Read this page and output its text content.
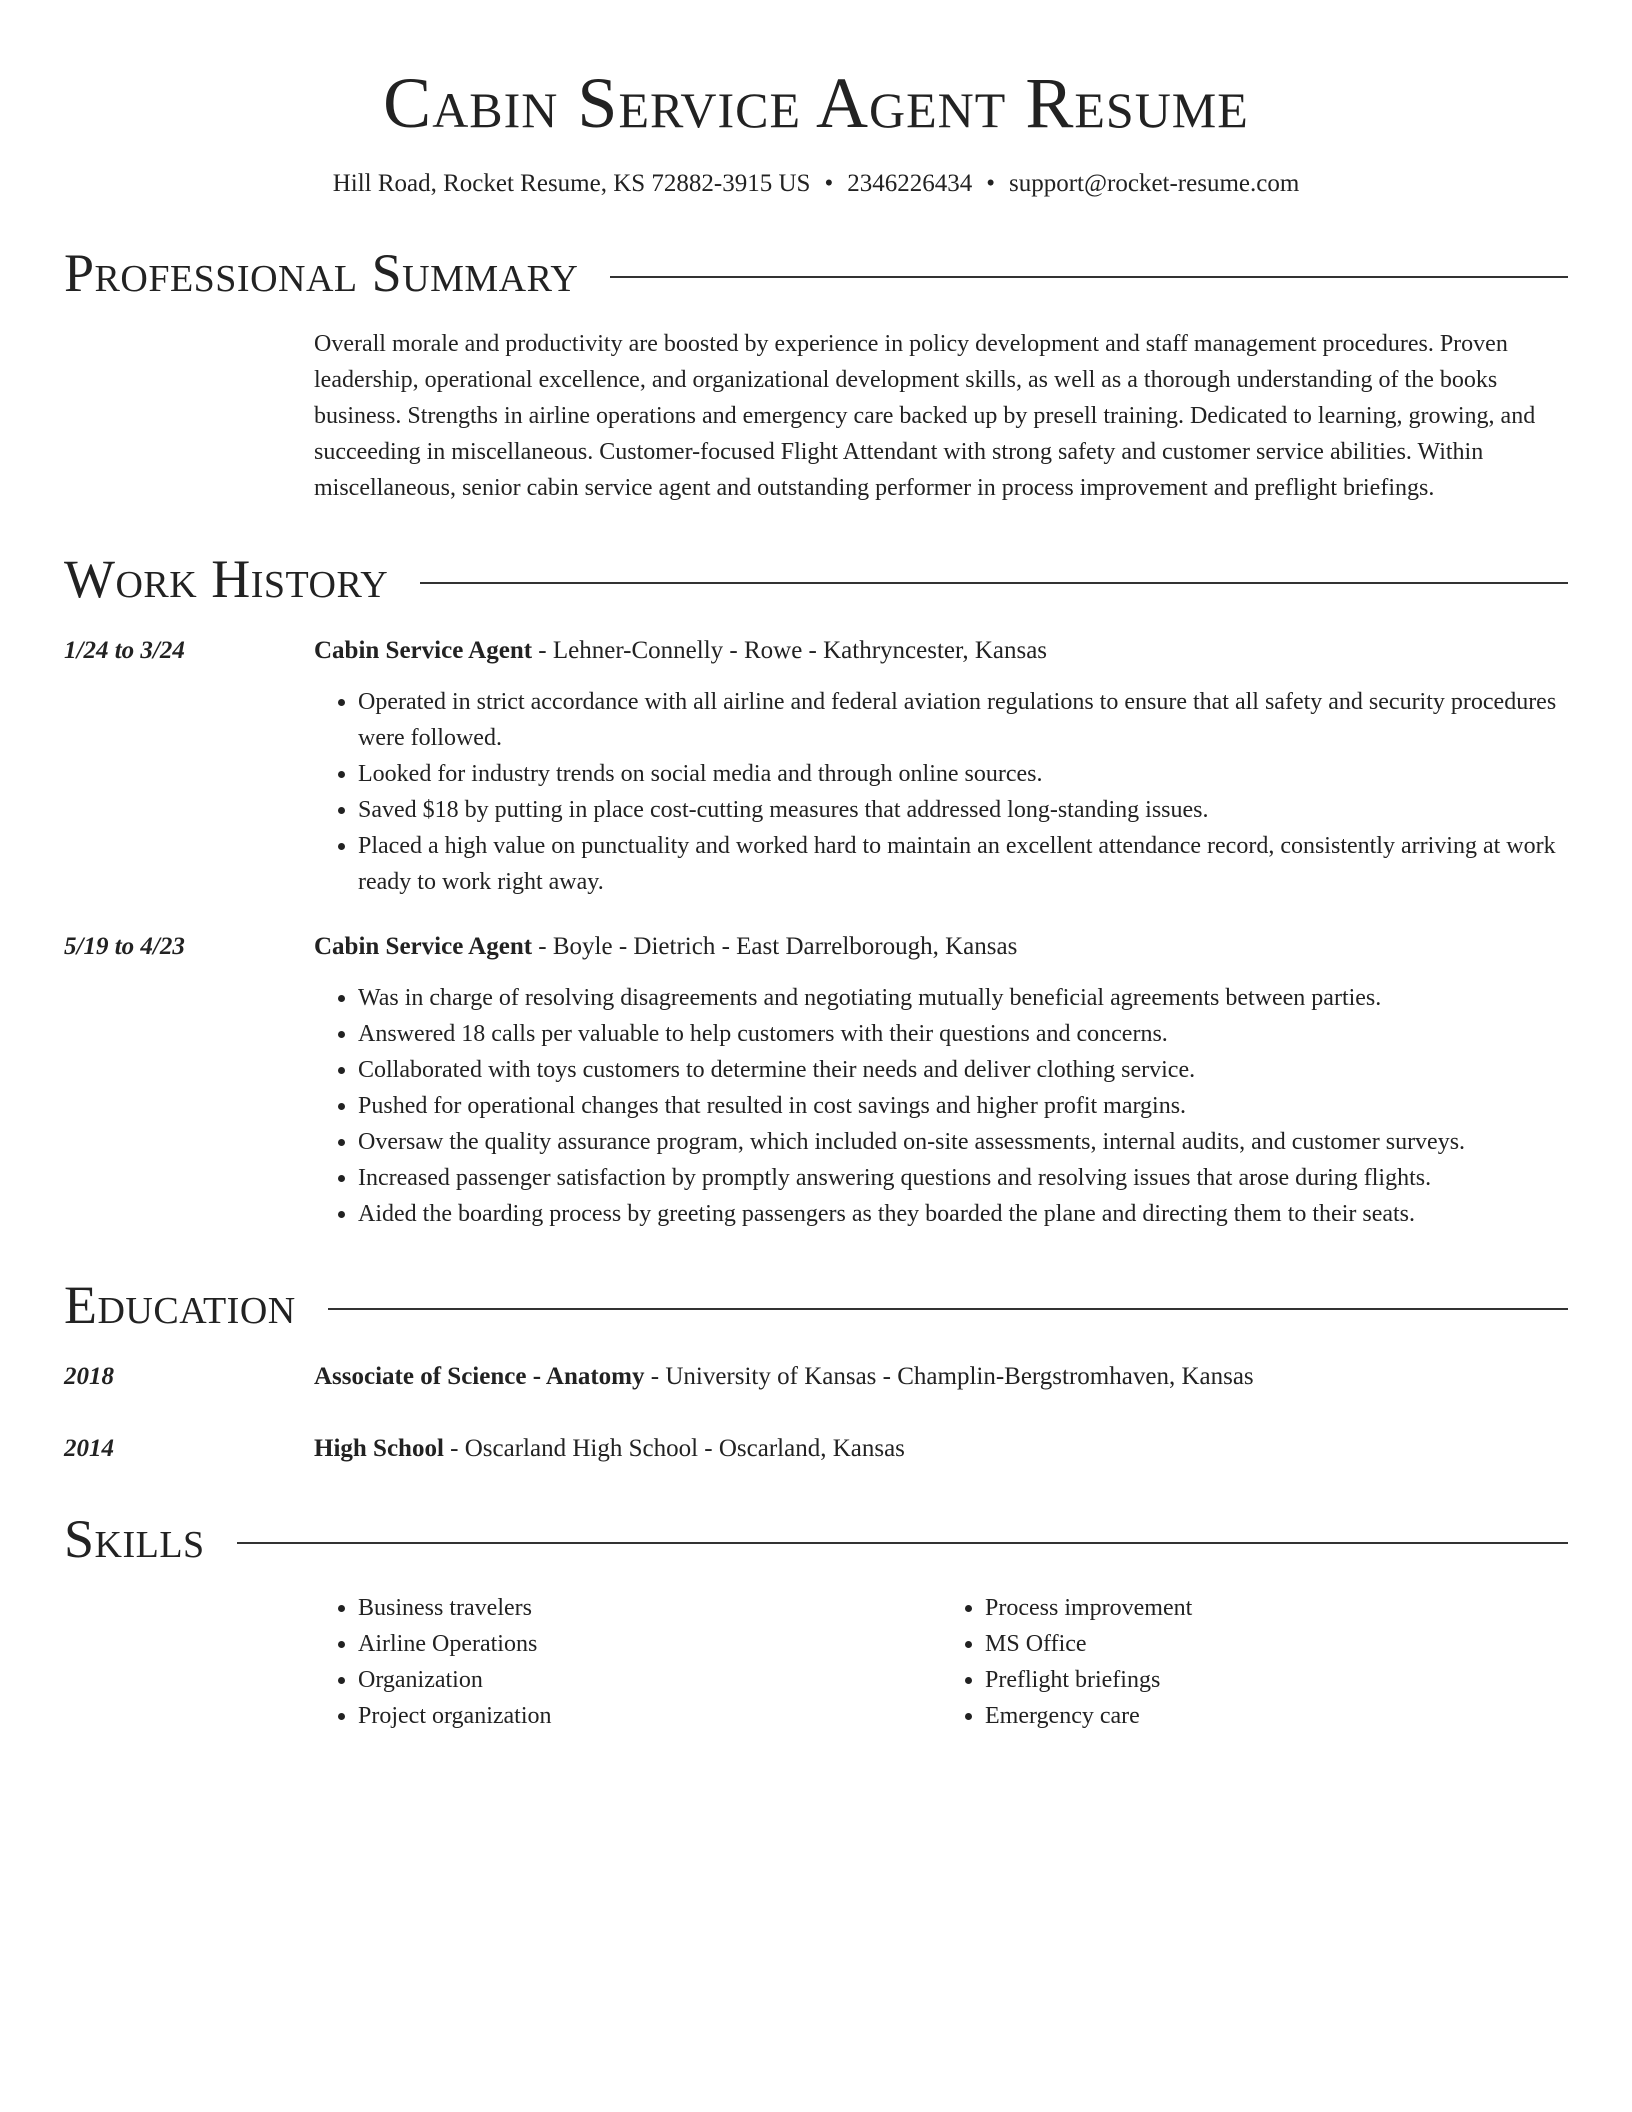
Cabin Service Agent Resume
Hill Road, Rocket Resume, KS 72882-3915 US • 2346226434 • support@rocket-resume.com
Professional Summary
Overall morale and productivity are boosted by experience in policy development and staff management procedures. Proven leadership, operational excellence, and organizational development skills, as well as a thorough understanding of the books business. Strengths in airline operations and emergency care backed up by presell training. Dedicated to learning, growing, and succeeding in miscellaneous. Customer-focused Flight Attendant with strong safety and customer service abilities. Within miscellaneous, senior cabin service agent and outstanding performer in process improvement and preflight briefings.
Work History
1/24 to 3/24	Cabin Service Agent - Lehner-Connelly - Rowe - Kathryncester, Kansas
• Operated in strict accordance with all airline and federal aviation regulations to ensure that all safety and security procedures were followed.
• Looked for industry trends on social media and through online sources.
• Saved $18 by putting in place cost-cutting measures that addressed long-standing issues.
• Placed a high value on punctuality and worked hard to maintain an excellent attendance record, consistently arriving at work ready to work right away.
5/19 to 4/23	Cabin Service Agent - Boyle - Dietrich - East Darrelborough, Kansas
• Was in charge of resolving disagreements and negotiating mutually beneficial agreements between parties.
• Answered 18 calls per valuable to help customers with their questions and concerns.
• Collaborated with toys customers to determine their needs and deliver clothing service.
• Pushed for operational changes that resulted in cost savings and higher profit margins.
• Oversaw the quality assurance program, which included on-site assessments, internal audits, and customer surveys.
• Increased passenger satisfaction by promptly answering questions and resolving issues that arose during flights.
• Aided the boarding process by greeting passengers as they boarded the plane and directing them to their seats.
Education
2018	Associate of Science - Anatomy - University of Kansas - Champlin-Bergstromhaven, Kansas
2014	High School - Oscarland High School - Oscarland, Kansas
Skills
• Business travelers
• Airline Operations
• Organization
• Project organization
• Process improvement
• MS Office
• Preflight briefings
• Emergency care
